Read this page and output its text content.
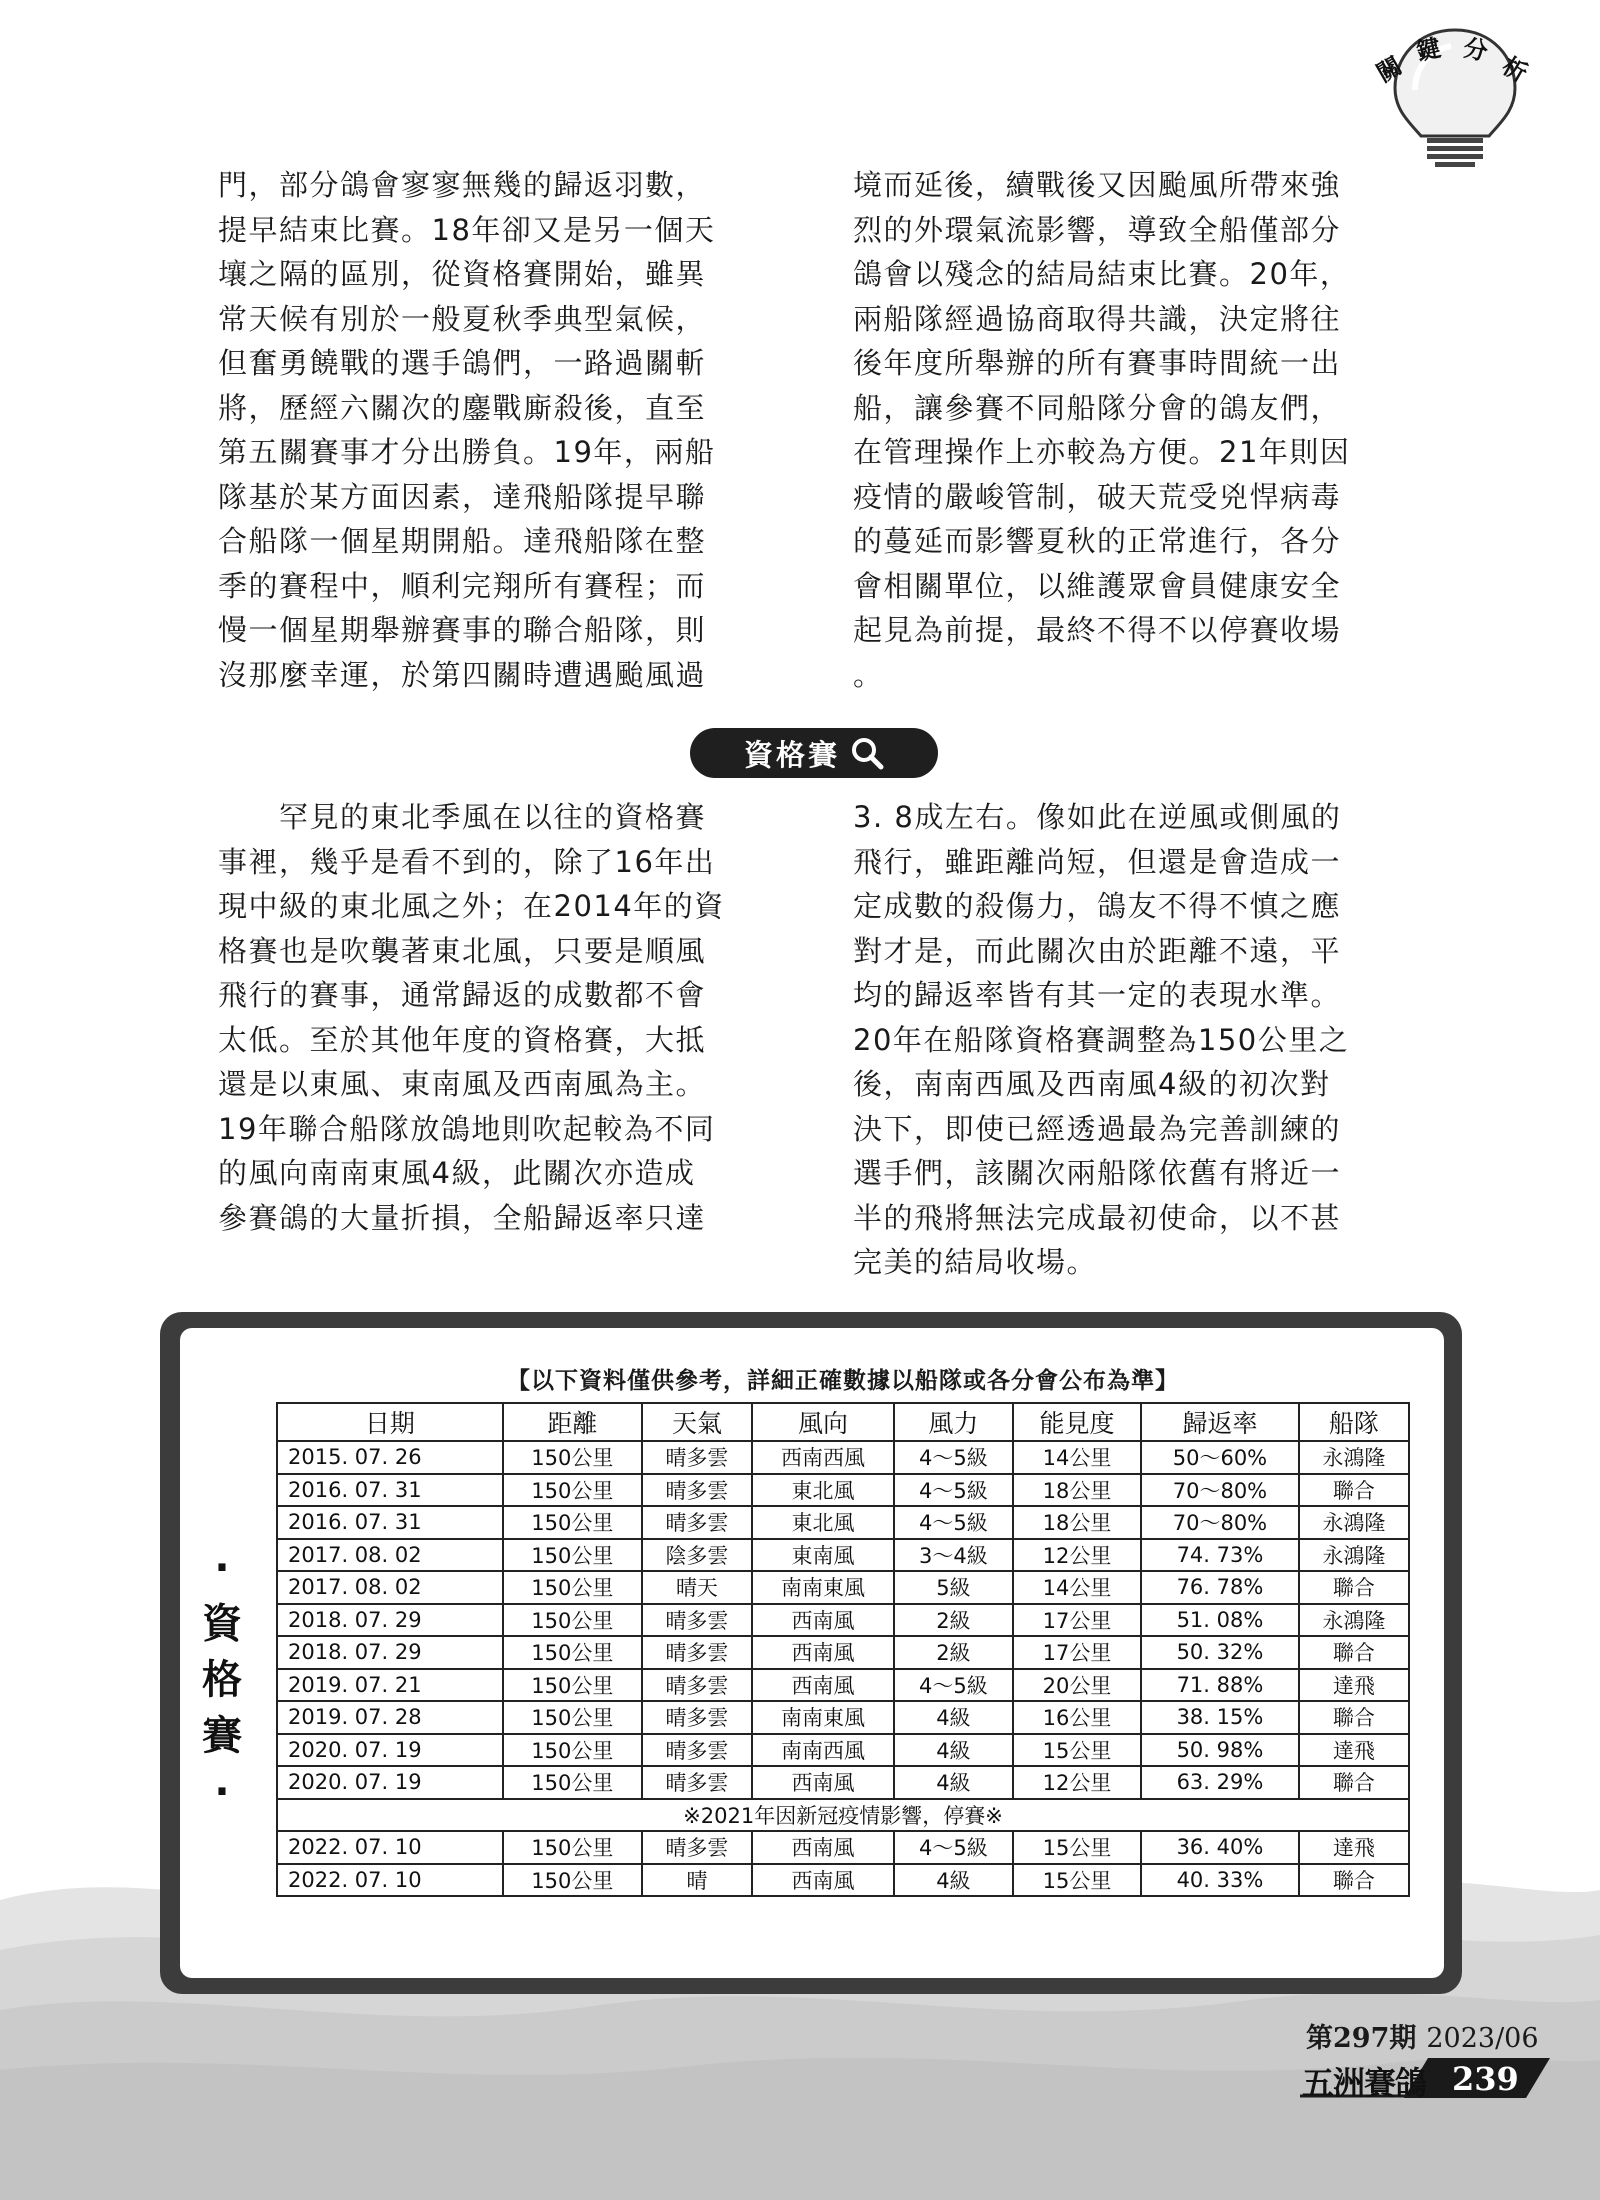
關
鍵 分
析
門，部分鴿會寥寥無幾的歸返羽數，
提早結束比賽。18年卻又是另一個天
壤之隔的區別，從資格賽開始，雖異
常天候有別於一般夏秋季典型氣候，
但奮勇饒戰的選手鴿們，一路過關斬
將，歷經六關次的鏖戰廝殺後，直至
第五關賽事才分出勝負。19年，兩船
隊基於某方面因素，達飛船隊提早聯
合船隊一個星期開船。達飛船隊在整
季的賽程中，順利完翔所有賽程；而
慢一個星期舉辦賽事的聯合船隊，則
沒那麼幸運，於第四關時遭遇颱風過
境而延後，續戰後又因颱風所帶來強
烈的外環氣流影響，導致全船僅部分
鴿會以殘念的結局結束比賽。20年，
兩船隊經過協商取得共識，決定將往
後年度所舉辦的所有賽事時間統一出
船，讓參賽不同船隊分會的鴿友們，
在管理操作上亦較為方便。21年則因
疫情的嚴峻管制，破天荒受兇悍病毒
的蔓延而影響夏秋的正常進行，各分
會相關單位，以維護眾會員健康安全
起見為前提，最終不得不以停賽收場
。
資格賽
　　罕見的東北季風在以往的資格賽
事裡，幾乎是看不到的，除了16年出
現中級的東北風之外；在2014年的資
格賽也是吹襲著東北風，只要是順風
飛行的賽事，通常歸返的成數都不會
太低。至於其他年度的資格賽，大抵
還是以東風、東南風及西南風為主。
19年聯合船隊放鴿地則吹起較為不同
的風向南南東風4級，此關次亦造成
參賽鴿的大量折損，全船歸返率只達
3. 8成左右。像如此在逆風或側風的
飛行，雖距離尚短，但還是會造成一
定成數的殺傷力，鴿友不得不慎之應
對才是，而此關次由於距離不遠，平
均的歸返率皆有其一定的表現水準。
20年在船隊資格賽調整為150公里之
後，南南西風及西南風4級的初次對
決下，即使已經透過最為完善訓練的
選手們，該關次兩船隊依舊有將近一
半的飛將無法完成最初使命，以不甚
完美的結局收場。
·
資
格
賽
·
【以下資料僅供參考，詳細正確數據以船隊或各分會公布為準】
日期	距離	天氣	風向	風力	能見度	歸返率	船隊
2015. 07. 26	150公里	晴多雲	西南西風	4～5級	14公里	50～60%	永鴻隆
2016. 07. 31	150公里	晴多雲	東北風	4～5級	18公里	70～80%	聯合
2016. 07. 31	150公里	晴多雲	東北風	4～5級	18公里	70～80%	永鴻隆
2017. 08. 02	150公里	陰多雲	東南風	3～4級	12公里	74. 73%	永鴻隆
2017. 08. 02	150公里	晴天	南南東風	5級	14公里	76. 78%	聯合
2018. 07. 29	150公里	晴多雲	西南風	2級	17公里	51. 08%	永鴻隆
2018. 07. 29	150公里	晴多雲	西南風	2級	17公里	50. 32%	聯合
2019. 07. 21	150公里	晴多雲	西南風	4～5級	20公里	71. 88%	達飛
2019. 07. 28	150公里	晴多雲	南南東風	4級	16公里	38. 15%	聯合
2020. 07. 19	150公里	晴多雲	南南西風	4級	15公里	50. 98%	達飛
2020. 07. 19	150公里	晴多雲	西南風	4級	12公里	63. 29%	聯合
※2021年因新冠疫情影響，停賽※							
2022. 07. 10	150公里	晴多雲	西南風	4～5級	15公里	36. 40%	達飛
2022. 07. 10	150公里	晴	西南風	4級	15公里	40. 33%	聯合
第297期 2023/06
五洲賽鴿 239
